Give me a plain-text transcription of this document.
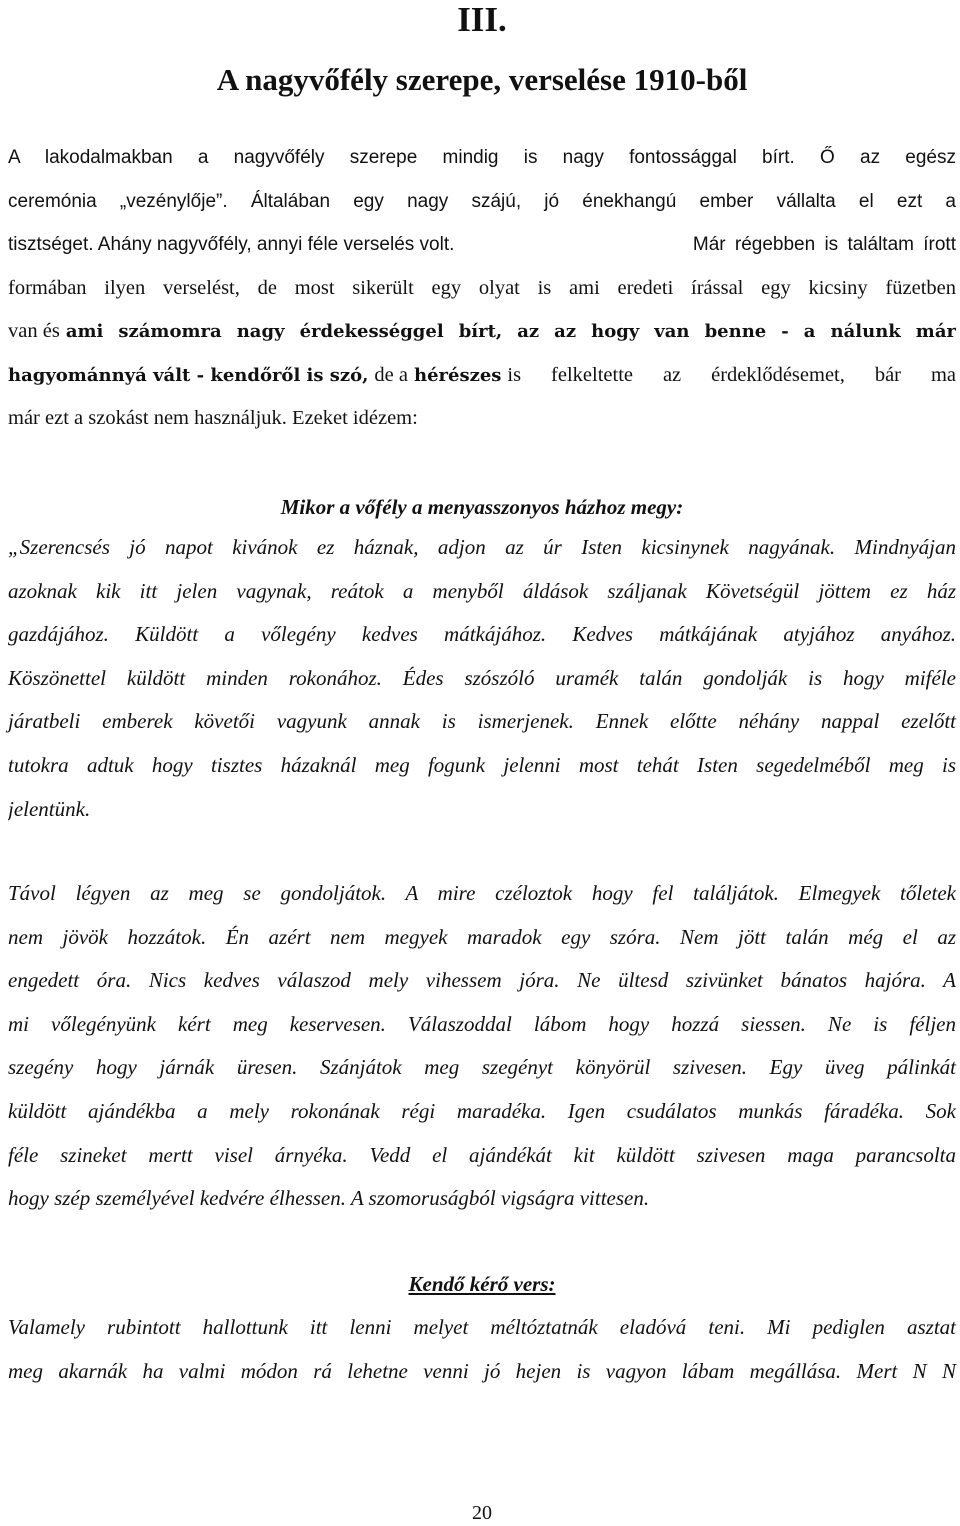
III.
A nagyvőfély szerepe, verselése 1910-ből
A lakodalmakban a nagyvőfély szerepe mindig is nagy fontossággal bírt. Ő az egész
ceremónia „vezénylője”. Általában egy nagy szájú, jó énekhangú ember vállalta el ezt a
tisztséget. Ahány nagyvőfély, annyi féle verselés volt.	Már régebben is találtam írott
formában ilyen verselést, de most sikerült egy olyat is ami eredeti írással egy kicsiny füzetben
van és ami számomra nagy érdekességgel bírt, az az hogy van benne - a nálunk már
hagyománnyá vált - kendőről is szó, de a hérészes is felkeltette az érdeklődésemet, bár ma
már ezt a szokást nem használjuk. Ezeket idézem:
Mikor a vőfély a menyasszonyos házhoz megy:
„Szerencsés jó napot kivánok ez háznak, adjon az úr Isten kicsinynek nagyának. Mindnyájan
azoknak kik itt jelen vagynak, reátok a menyből áldások száljanak Követségül jöttem ez ház
gazdájához. Küldött a vőlegény kedves mátkájához. Kedves mátkájának atyjához anyához.
Köszönettel küldött minden rokonához. Édes szószóló uramék talán gondolják is hogy miféle
járatbeli emberek követői vagyunk annak is ismerjenek. Ennek előtte néhány nappal ezelőtt
tutokra adtuk hogy tisztes házaknál meg fogunk jelenni most tehát Isten segedelméből meg is
jelentünk.
Távol légyen az meg se gondoljátok. A mire czéloztok hogy fel találjátok. Elmegyek tőletek
nem jövök hozzátok. Én azért nem megyek maradok egy szóra. Nem jött talán még el az
engedett óra. Nics kedves válaszod mely vihessem jóra. Ne ültesd szivünket bánatos hajóra. A
mi vőlegényünk kért meg keservesen. Válaszoddal lábom hogy hozzá siessen. Ne is féljen
szegény hogy járnák üresen. Szánjátok meg szegényt könyörül szivesen. Egy üveg pálinkát
küldött ajándékba a mely rokonának régi maradéka. Igen csudálatos munkás fáradéka. Sok
féle szineket mertt visel árnyéka. Vedd el ajándékát kit küldött szivesen maga parancsolta
hogy szép személyével kedvére élhessen. A szomoruságból vigságra vittesen.
Kendő kérő vers:
Valamely rubintott hallottunk itt lenni melyet méltóztatnák eladóvá teni. Mi pediglen asztat
meg akarnák ha valmi módon rá lehetne venni jó hejen is vagyon lábam megállása. Mert N N
20
